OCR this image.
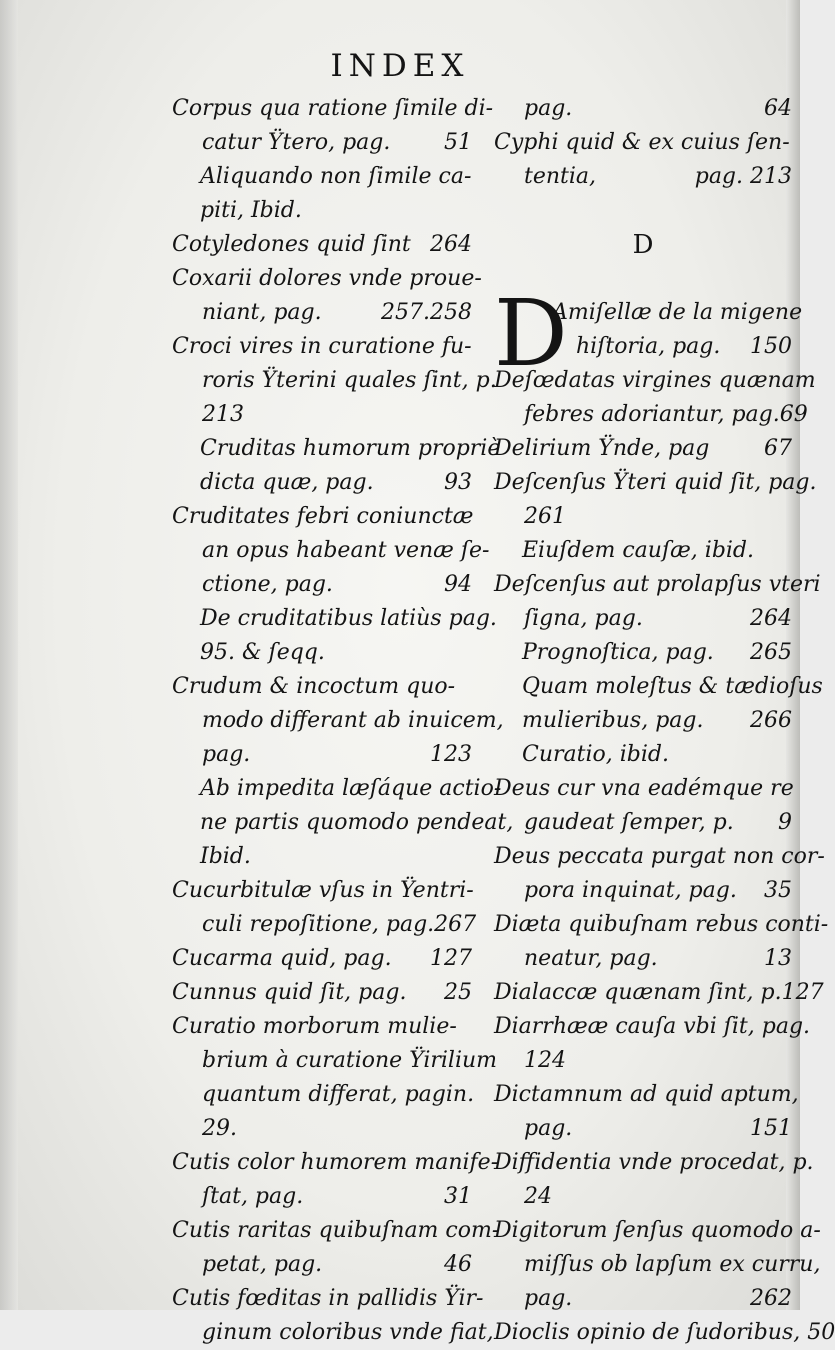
INDEX
Corpus qua ratione ſimile di-
catur Ÿtero, pag. 51
Aliquando non ſimile ca-
piti, Ibid.
Cotyledones quid ſint 264
Coxarii dolores vnde proue-
niant, pag.	257.258
Croci vires in curatione fu-
roris Ÿterini quales ſint, p.
213
Cruditas humorum propriè
dicta quæ, pag.	93
Cruditates febri coniunctæ
an opus habeant venæ ſe-
ctione, pag.	94
De cruditatibus latiùs pag.
95. & ſeqq.
Crudum & incoctum quo-
modo differant ab inuicem,
pag.	123
Ab impedita læſáque actio-
ne partis quomodo pendeat,
Ibid.
Cucurbitulæ vſus in Ÿentri-
culi repoſitione, pag. 267
Cucarma quid, pag. 127
Cunnus quid ſit, pag. 25
Curatio morborum mulie-
brium à curatione Ÿirilium
quantum differat, pagin.
29.
Cutis color humorem manife-
ſtat, pag.	31
Cutis raritas quibuſnam com-
petat, pag.	46
Cutis fœditas in pallidis Ÿir-
ginum coloribus vnde fiat,
pag.	64
Cyphi quid & ex cuius ſen-
tentia,	pag. 213
D
D
Amiſellæ de la migene
hiſtoria, pag. 150
Deſœdatas virgines quænam
febres adoriantur, pag. 69
Delirium Ÿnde, pag 67
Deſcenſus Ÿteri quid ſit, pag.
261
Eiuſdem cauſæ, ibid.
Deſcenſus aut prolapſus vteri
ſigna, pag.	264
Prognoſtica, pag. 265
Quam moleſtus & tædioſus
mulieribus, pag. 266
Curatio, ibid.
Deus cur vna eadémque re
gaudeat ſemper, p. 9
Deus peccata purgat non cor-
pora inquinat, pag. 35
Diæta quibuſnam rebus conti-
neatur, pag.	13
Dialaccæ quænam ſint, p.127
Diarrhææ cauſa vbi ſit, pag.
124
Dictamnum ad quid aptum,
pag.	151
Diffidentia vnde procedat, p.
24
Digitorum ſenſus quomodo a-
miſſus ob lapſum ex curru,
pag.	262
Dioclis opinio de ſudoribus, 50
